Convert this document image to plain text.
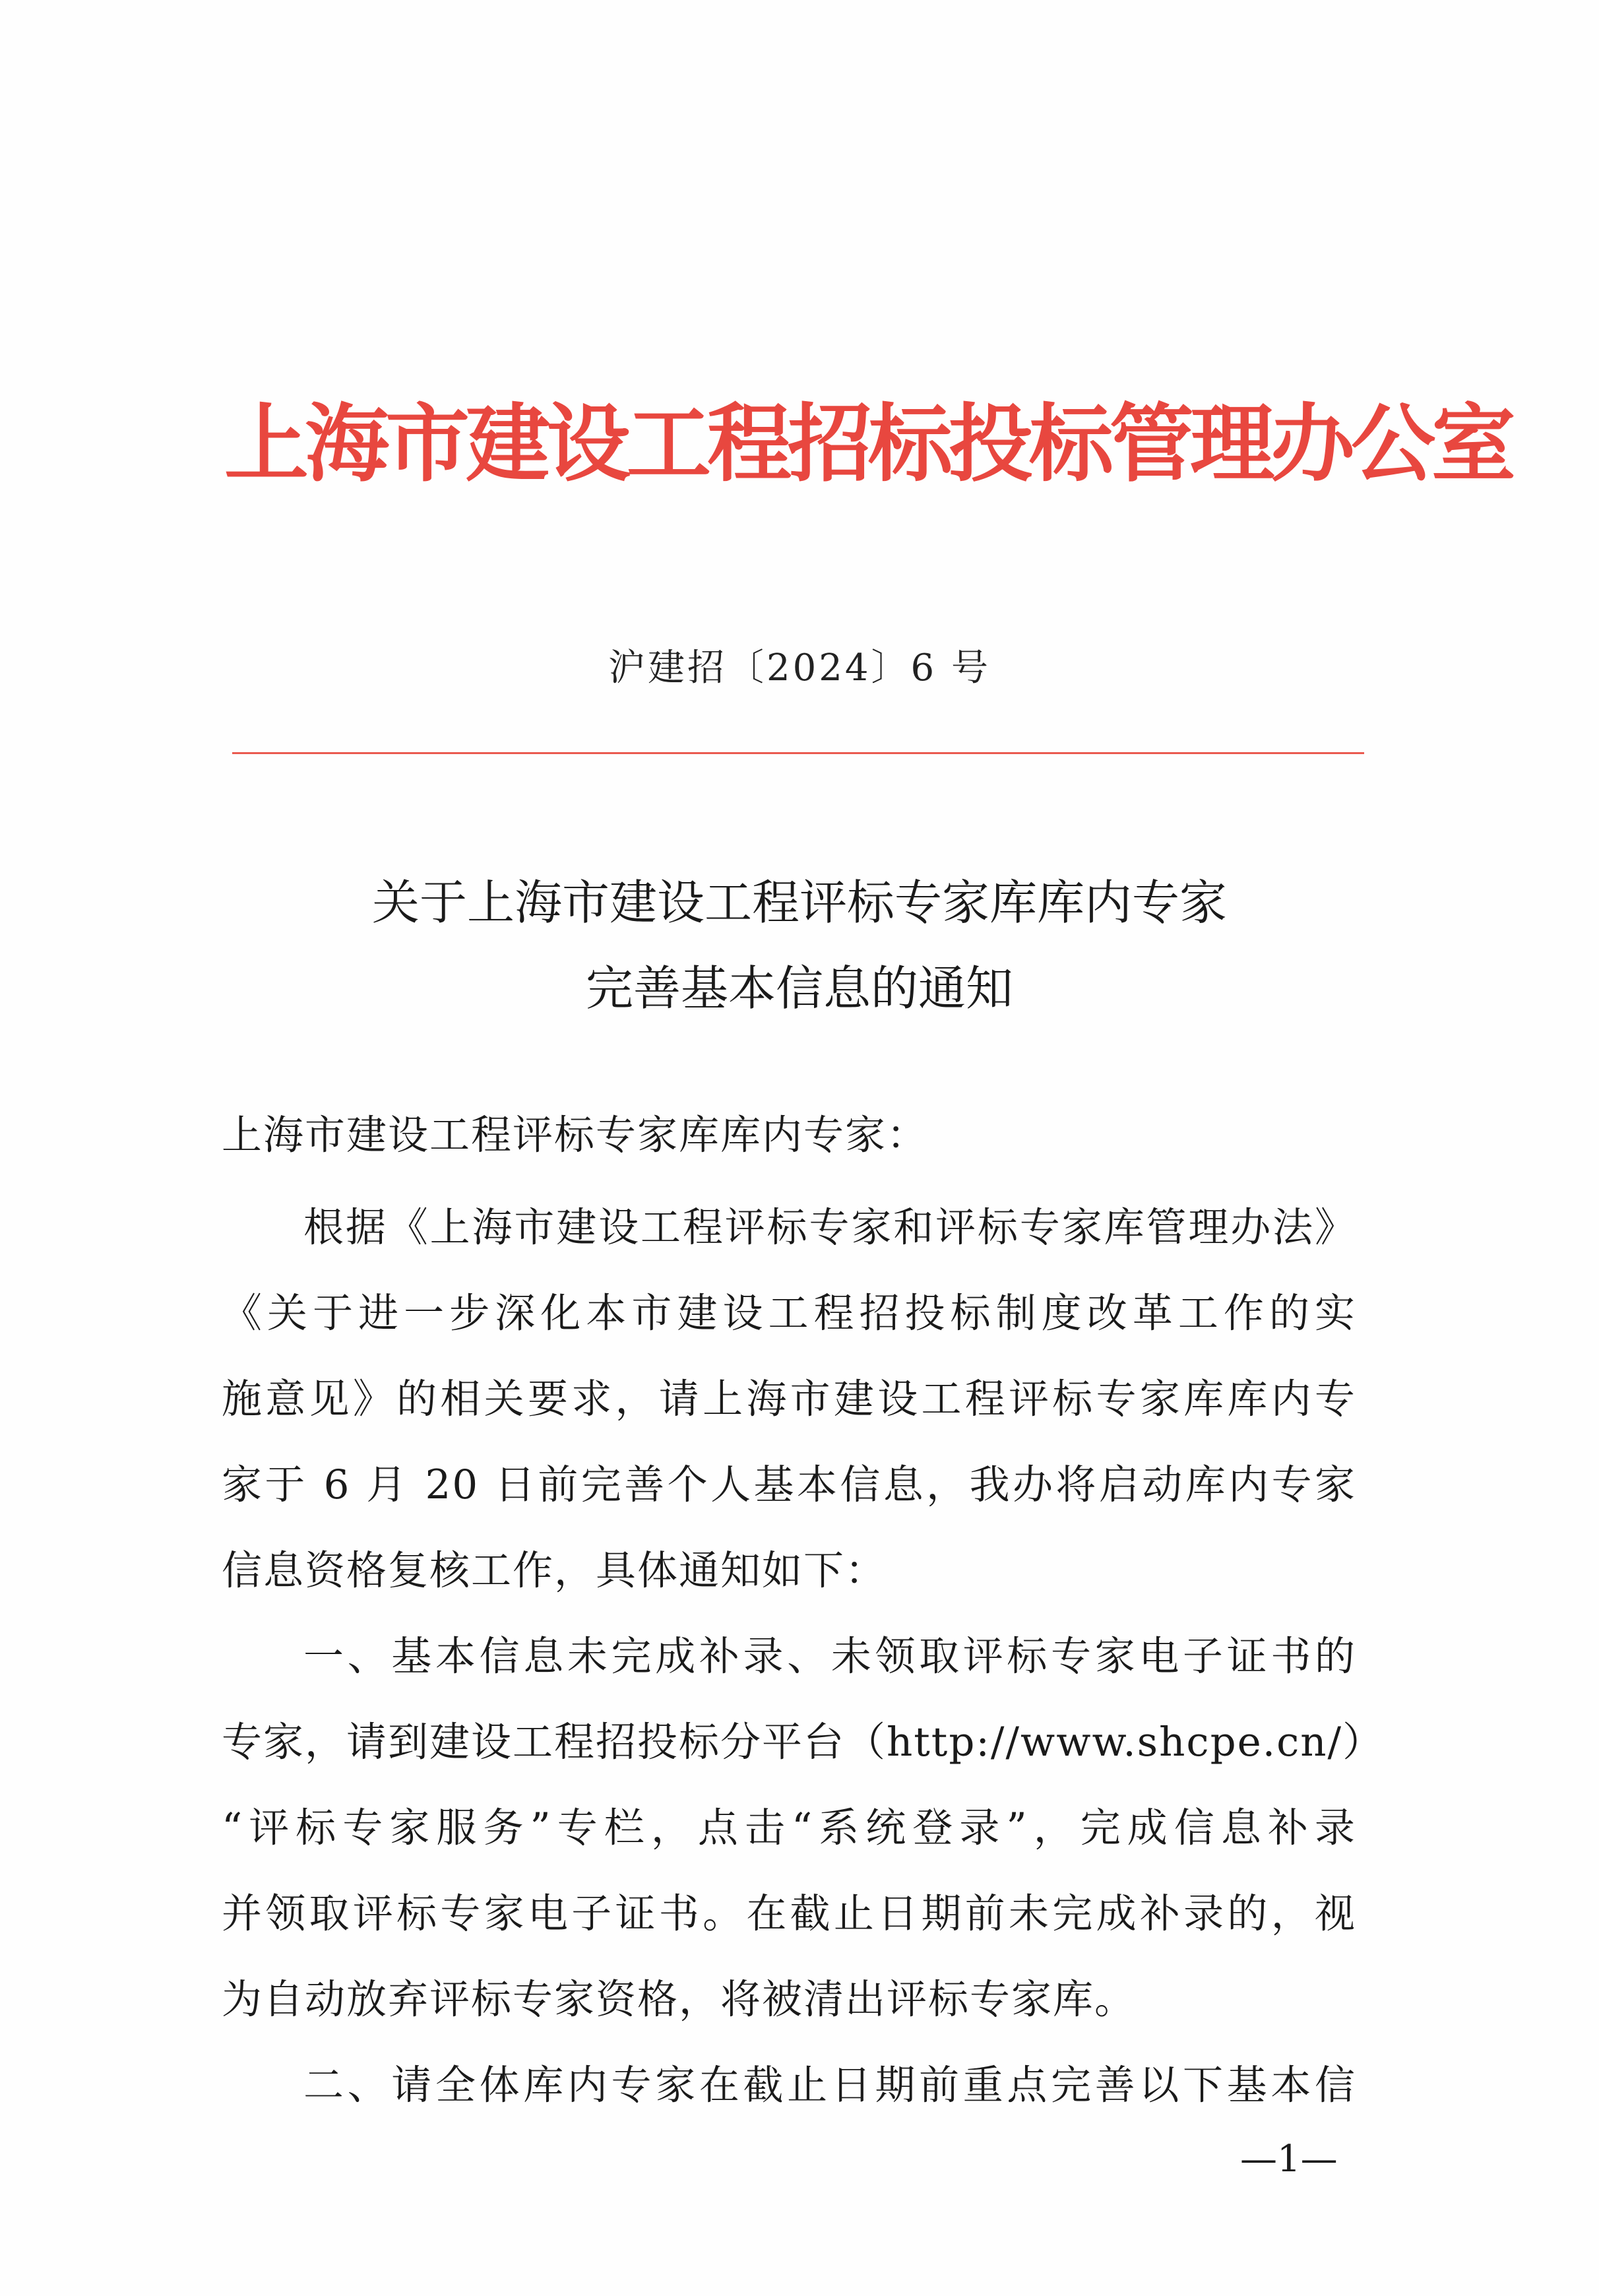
上海市建设工程招标投标管理办公室
沪建招〔2024〕6 号
关于上海市建设工程评标专家库库内专家
完善基本信息的通知
上海市建设工程评标专家库库内专家：
根据《上海市建设工程评标专家和评标专家库管理办法》
《关于进一步深化本市建设工程招投标制度改革工作的实
施意见》的相关要求，请上海市建设工程评标专家库库内专
家于 6 月 20 日前完善个人基本信息，我办将启动库内专家
信息资格复核工作，具体通知如下：
一、基本信息未完成补录、未领取评标专家电子证书的
专家，请到建设工程招投标分平台（http://www.shcpe.cn/）
“评标专家服务”专栏，点击“系统登录”，完成信息补录
并领取评标专家电子证书。在截止日期前未完成补录的，视
为自动放弃评标专家资格，将被清出评标专家库。
二、请全体库内专家在截止日期前重点完善以下基本信
—1—
